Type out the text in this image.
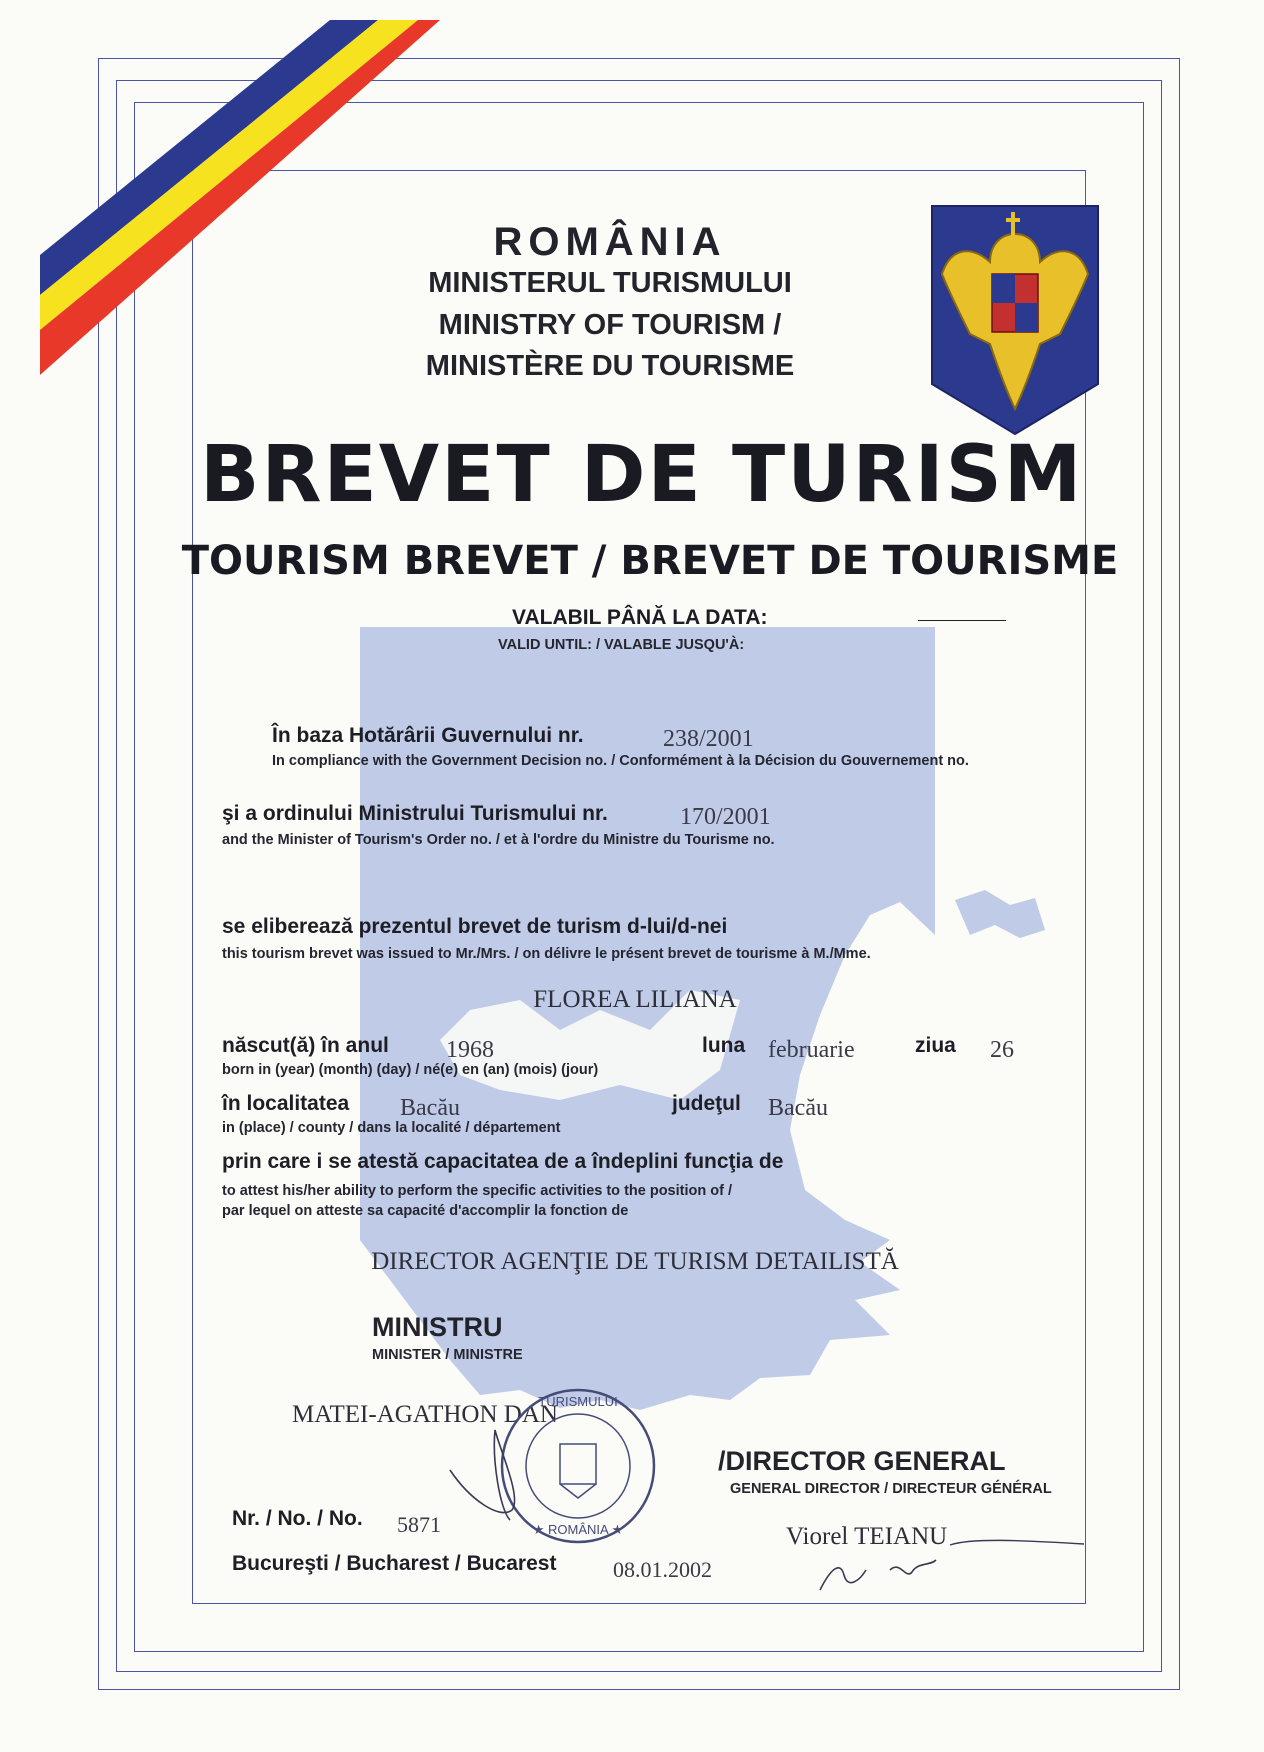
ROMÂNIA
MINISTERUL TURISMULUI
MINISTRY OF TOURISM /
MINISTÈRE DU TOURISME
BREVET DE TURISM
TOURISM BREVET / BREVET DE TOURISME
VALABIL PÂNĂ LA DATA:
VALID UNTIL: / VALABLE JUSQU'À:
În baza Hotărârii Guvernului nr.	238/2001
In compliance with the Government Decision no. / Conformément à la Décision du Gouvernement no.
şi a ordinului Ministrului Turismului nr.	170/2001
and the Minister of Tourism's Order no. / et à l'ordre du Ministre du Tourisme no.
se eliberează prezentul brevet de turism d-lui/d-nei
this tourism brevet was issued to Mr./Mrs. / on délivre le présent brevet de tourisme à M./Mme.
FLOREA LILIANA
născut(ă) în anul 1968	luna februarie	ziua 26
born in (year) (month) (day) / né(e) en (an) (mois) (jour)
în localitatea Bacău	judeţul Bacău
in (place) / county / dans la localité / département
prin care i se atestă capacitatea de a îndeplini funcţia de
to attest his/her ability to perform the specific activities to the position of /
par lequel on atteste sa capacité d'accomplir la fonction de
DIRECTOR AGENŢIE DE TURISM DETAILISTĂ
MINISTRU
MINISTER / MINISTRE
MATEI-AGATHON DAN
TURISMULUI
★ ROMÂNIA ★
/DIRECTOR GENERAL
GENERAL DIRECTOR / DIRECTEUR GÉNÉRAL
Viorel TEIANU
Nr. / No. / No. 5871
Bucureşti / Bucharest / Bucarest	08.01.2002
